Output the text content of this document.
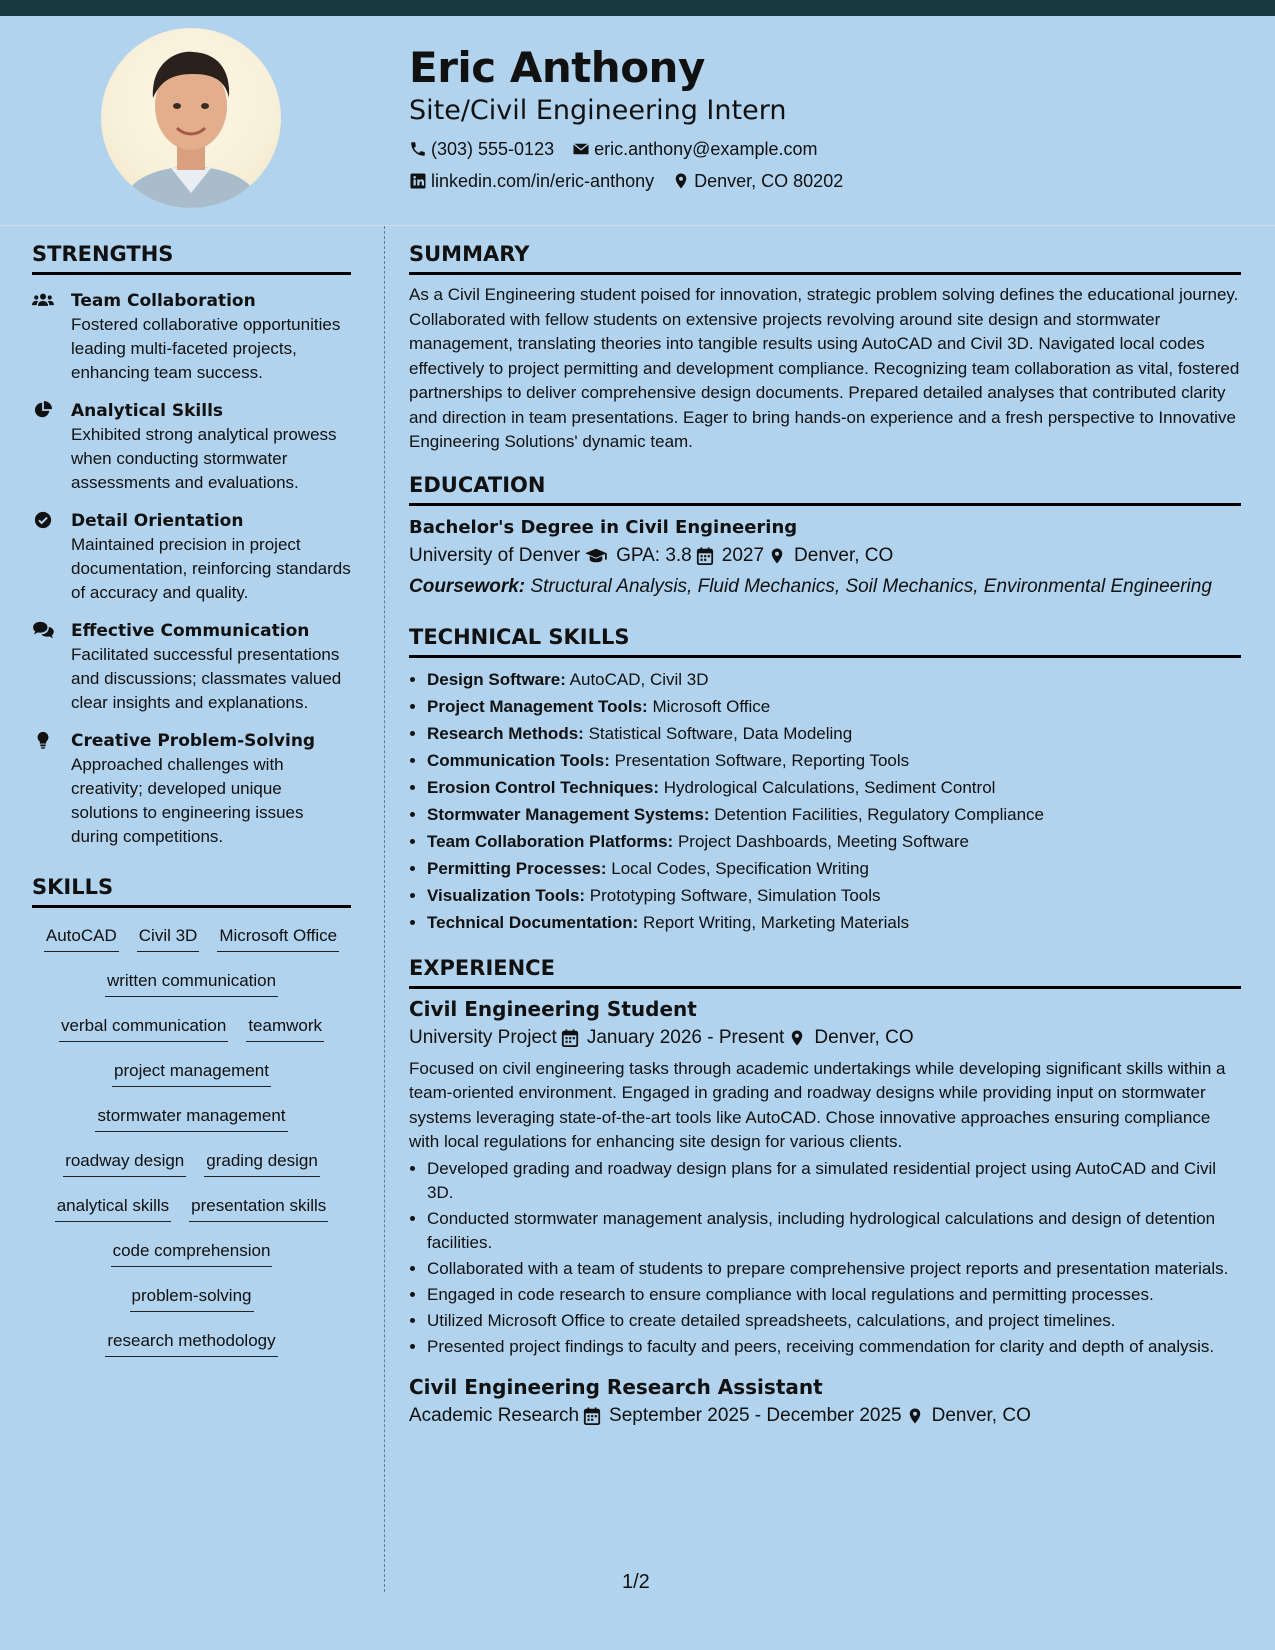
Eric Anthony
Site/Civil Engineering Intern
(303) 555-0123 eric.anthony@example.com
linkedin.com/in/eric-anthony Denver, CO 80202
STRENGTHS
Team Collaboration
Fostered collaborative opportunities leading multi-faceted projects, enhancing team success.
Analytical Skills
Exhibited strong analytical prowess when conducting stormwater assessments and evaluations.
Detail Orientation
Maintained precision in project documentation, reinforcing standards of accuracy and quality.
Effective Communication
Facilitated successful presentations and discussions; classmates valued clear insights and explanations.
Creative Problem-Solving
Approached challenges with creativity; developed unique solutions to engineering issues during competitions.
SKILLS
AutoCAD Civil 3D Microsoft Office
written communication
verbal communication teamwork
project management
stormwater management
roadway design grading design
analytical skills presentation skills
code comprehension
problem-solving
research methodology
SUMMARY
As a Civil Engineering student poised for innovation, strategic problem solving defines the educational journey. Collaborated with fellow students on extensive projects revolving around site design and stormwater management, translating theories into tangible results using AutoCAD and Civil 3D. Navigated local codes effectively to project permitting and development compliance. Recognizing team collaboration as vital, fostered partnerships to deliver comprehensive design documents. Prepared detailed analyses that contributed clarity and direction in team presentations. Eager to bring hands-on experience and a fresh perspective to Innovative Engineering Solutions' dynamic team.
EDUCATION
Bachelor's Degree in Civil Engineering
University of Denver GPA: 3.8 2027 Denver, CO
Coursework: Structural Analysis, Fluid Mechanics, Soil Mechanics, Environmental Engineering
TECHNICAL SKILLS
• Design Software: AutoCAD, Civil 3D
• Project Management Tools: Microsoft Office
• Research Methods: Statistical Software, Data Modeling
• Communication Tools: Presentation Software, Reporting Tools
• Erosion Control Techniques: Hydrological Calculations, Sediment Control
• Stormwater Management Systems: Detention Facilities, Regulatory Compliance
• Team Collaboration Platforms: Project Dashboards, Meeting Software
• Permitting Processes: Local Codes, Specification Writing
• Visualization Tools: Prototyping Software, Simulation Tools
• Technical Documentation: Report Writing, Marketing Materials
EXPERIENCE
Civil Engineering Student
University Project January 2026 - Present Denver, CO
Focused on civil engineering tasks through academic undertakings while developing significant skills within a team-oriented environment. Engaged in grading and roadway designs while providing input on stormwater systems leveraging state-of-the-art tools like AutoCAD. Chose innovative approaches ensuring compliance with local regulations for enhancing site design for various clients.
• Developed grading and roadway design plans for a simulated residential project using AutoCAD and Civil 3D.
• Conducted stormwater management analysis, including hydrological calculations and design of detention facilities.
• Collaborated with a team of students to prepare comprehensive project reports and presentation materials.
• Engaged in code research to ensure compliance with local regulations and permitting processes.
• Utilized Microsoft Office to create detailed spreadsheets, calculations, and project timelines.
• Presented project findings to faculty and peers, receiving commendation for clarity and depth of analysis.
Civil Engineering Research Assistant
Academic Research September 2025 - December 2025 Denver, CO
1/2
